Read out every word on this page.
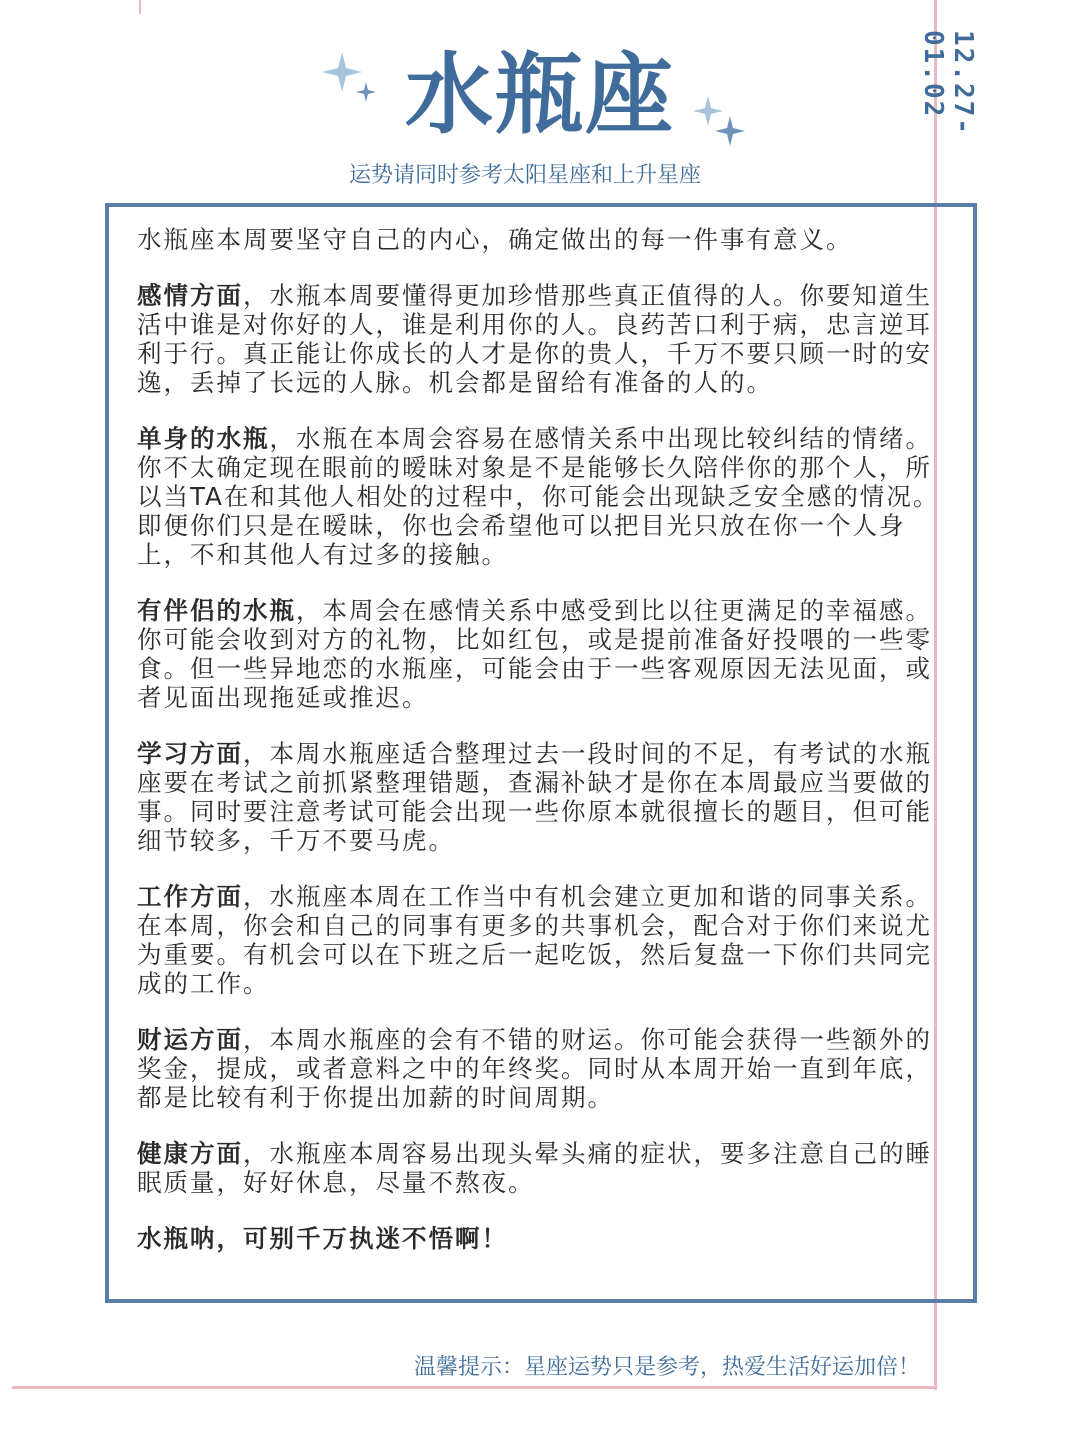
水瓶座

运势请同时参考太阳星座和上升星座

12.27-01.02

水瓶座本周要坚守自己的内心，确定做出的每一件事有意义。

感情方面，水瓶本周要懂得更加珍惜那些真正值得的人。你要知道生活中谁是对你好的人，谁是利用你的人。良药苦口利于病，忠言逆耳利于行。真正能让你成长的人才是你的贵人，千万不要只顾一时的安逸，丢掉了长远的人脉。机会都是留给有准备的人的。

单身的水瓶，水瓶在本周会容易在感情关系中出现比较纠结的情绪。你不太确定现在眼前的暧昧对象是不是能够长久陪伴你的那个人，所以当TA在和其他人相处的过程中，你可能会出现缺乏安全感的情况。即便你们只是在暧昧，你也会希望他可以把目光只放在你一个人身上，不和其他人有过多的接触。

有伴侣的水瓶，本周会在感情关系中感受到比以往更满足的幸福感。你可能会收到对方的礼物，比如红包，或是提前准备好投喂的一些零食。但一些异地恋的水瓶座，可能会由于一些客观原因无法见面，或者见面出现拖延或推迟。

学习方面，本周水瓶座适合整理过去一段时间的不足，有考试的水瓶座要在考试之前抓紧整理错题，查漏补缺才是你在本周最应当要做的事。同时要注意考试可能会出现一些你原本就很擅长的题目，但可能细节较多，千万不要马虎。

工作方面，水瓶座本周在工作当中有机会建立更加和谐的同事关系。在本周，你会和自己的同事有更多的共事机会，配合对于你们来说尤为重要。有机会可以在下班之后一起吃饭，然后复盘一下你们共同完成的工作。

财运方面，本周水瓶座的会有不错的财运。你可能会获得一些额外的奖金，提成，或者意料之中的年终奖。同时从本周开始一直到年底，都是比较有利于你提出加薪的时间周期。

健康方面，水瓶座本周容易出现头晕头痛的症状，要多注意自己的睡眠质量，好好休息，尽量不熬夜。

水瓶呐，可别千万执迷不悟啊！

温馨提示：星座运势只是参考，热爱生活好运加倍！
